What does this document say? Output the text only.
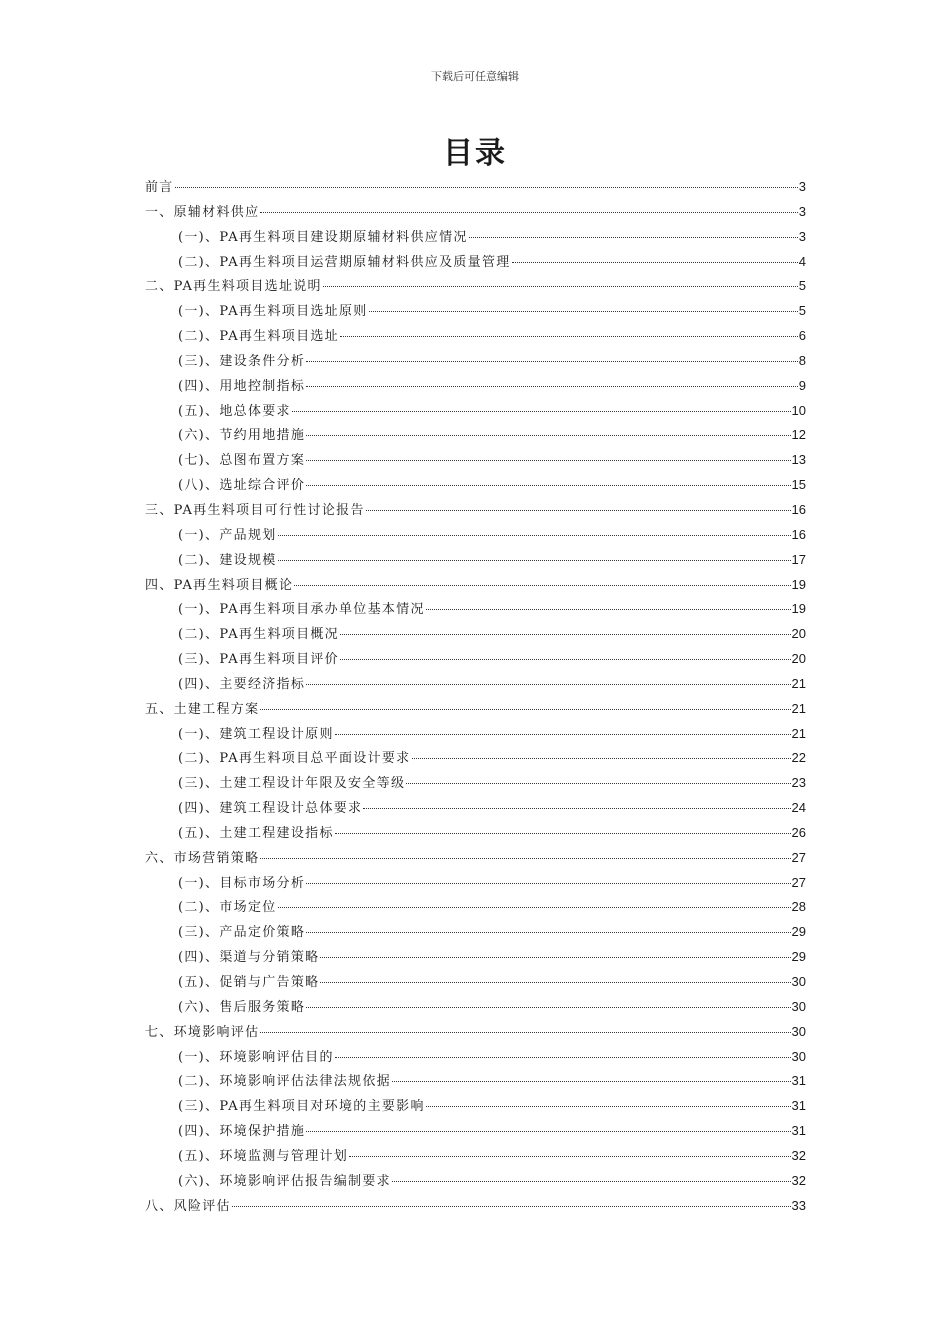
下载后可任意编辑
目录
前言	3
一、原辅材料供应	3
(一)、PA再生料项目建设期原辅材料供应情况	3
(二)、PA再生料项目运营期原辅材料供应及质量管理	4
二、PA再生料项目选址说明	5
(一)、PA再生料项目选址原则	5
(二)、PA再生料项目选址	6
(三)、建设条件分析	8
(四)、用地控制指标	9
(五)、地总体要求	10
(六)、节约用地措施	12
(七)、总图布置方案	13
(八)、选址综合评价	15
三、PA再生料项目可行性讨论报告	16
(一)、产品规划	16
(二)、建设规模	17
四、PA再生料项目概论	19
(一)、PA再生料项目承办单位基本情况	19
(二)、PA再生料项目概况	20
(三)、PA再生料项目评价	20
(四)、主要经济指标	21
五、土建工程方案	21
(一)、建筑工程设计原则	21
(二)、PA再生料项目总平面设计要求	22
(三)、土建工程设计年限及安全等级	23
(四)、建筑工程设计总体要求	24
(五)、土建工程建设指标	26
六、市场营销策略	27
(一)、目标市场分析	27
(二)、市场定位	28
(三)、产品定价策略	29
(四)、渠道与分销策略	29
(五)、促销与广告策略	30
(六)、售后服务策略	30
七、环境影响评估	30
(一)、环境影响评估目的	30
(二)、环境影响评估法律法规依据	31
(三)、PA再生料项目对环境的主要影响	31
(四)、环境保护措施	31
(五)、环境监测与管理计划	32
(六)、环境影响评估报告编制要求	32
八、风险评估	33
